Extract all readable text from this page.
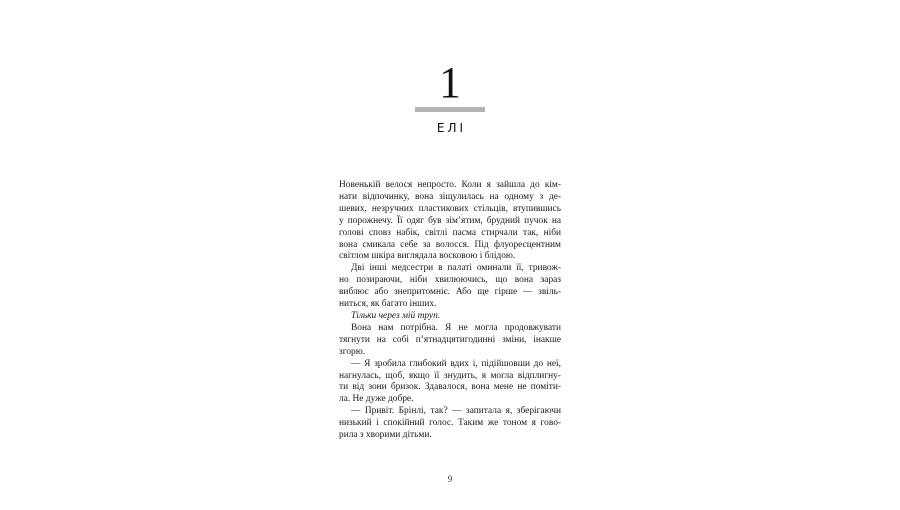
1
ЕЛІ

Новенькій велося непросто. Коли я зайшла до кім-
нати відпочинку, вона зіщулилась на одному з де-
шевих, незручних пластикових стільців, втупившись
у порожнечу. Її одяг був зім’ятим, брудний пучок на
голові сповз набік, світлі пасма стирчали так, ніби
вона смикала себе за волосся. Під флуоресцентним
світлом шкіра виглядала восковою і блідою.

Дві інші медсестри в палаті оминали її, тривож-
но позираючи, ніби хвилюючись, що вона зараз
виблює або знепритомніє. Або ще гірше — звіль-
ниться, як багато інших.

Тільки через мій труп.

Вона нам потрібна. Я не могла продовжувати
тягнути на собі п’ятнадцятигодинні зміни, інакше
згорю.

— Я зробила глибокий вдих і, підійшовши до неї,
нагнулась, щоб, якщо її знудить, я могла відплигну-
ти від зони бризок. Здавалося, вона мене не поміти-
ла. Не дуже добре.

— Привіт. Брінлі, так? — запитала я, зберігаючи
низький і спокійний голос. Таким же тоном я гово-
рила з хворими дітьми.

9
